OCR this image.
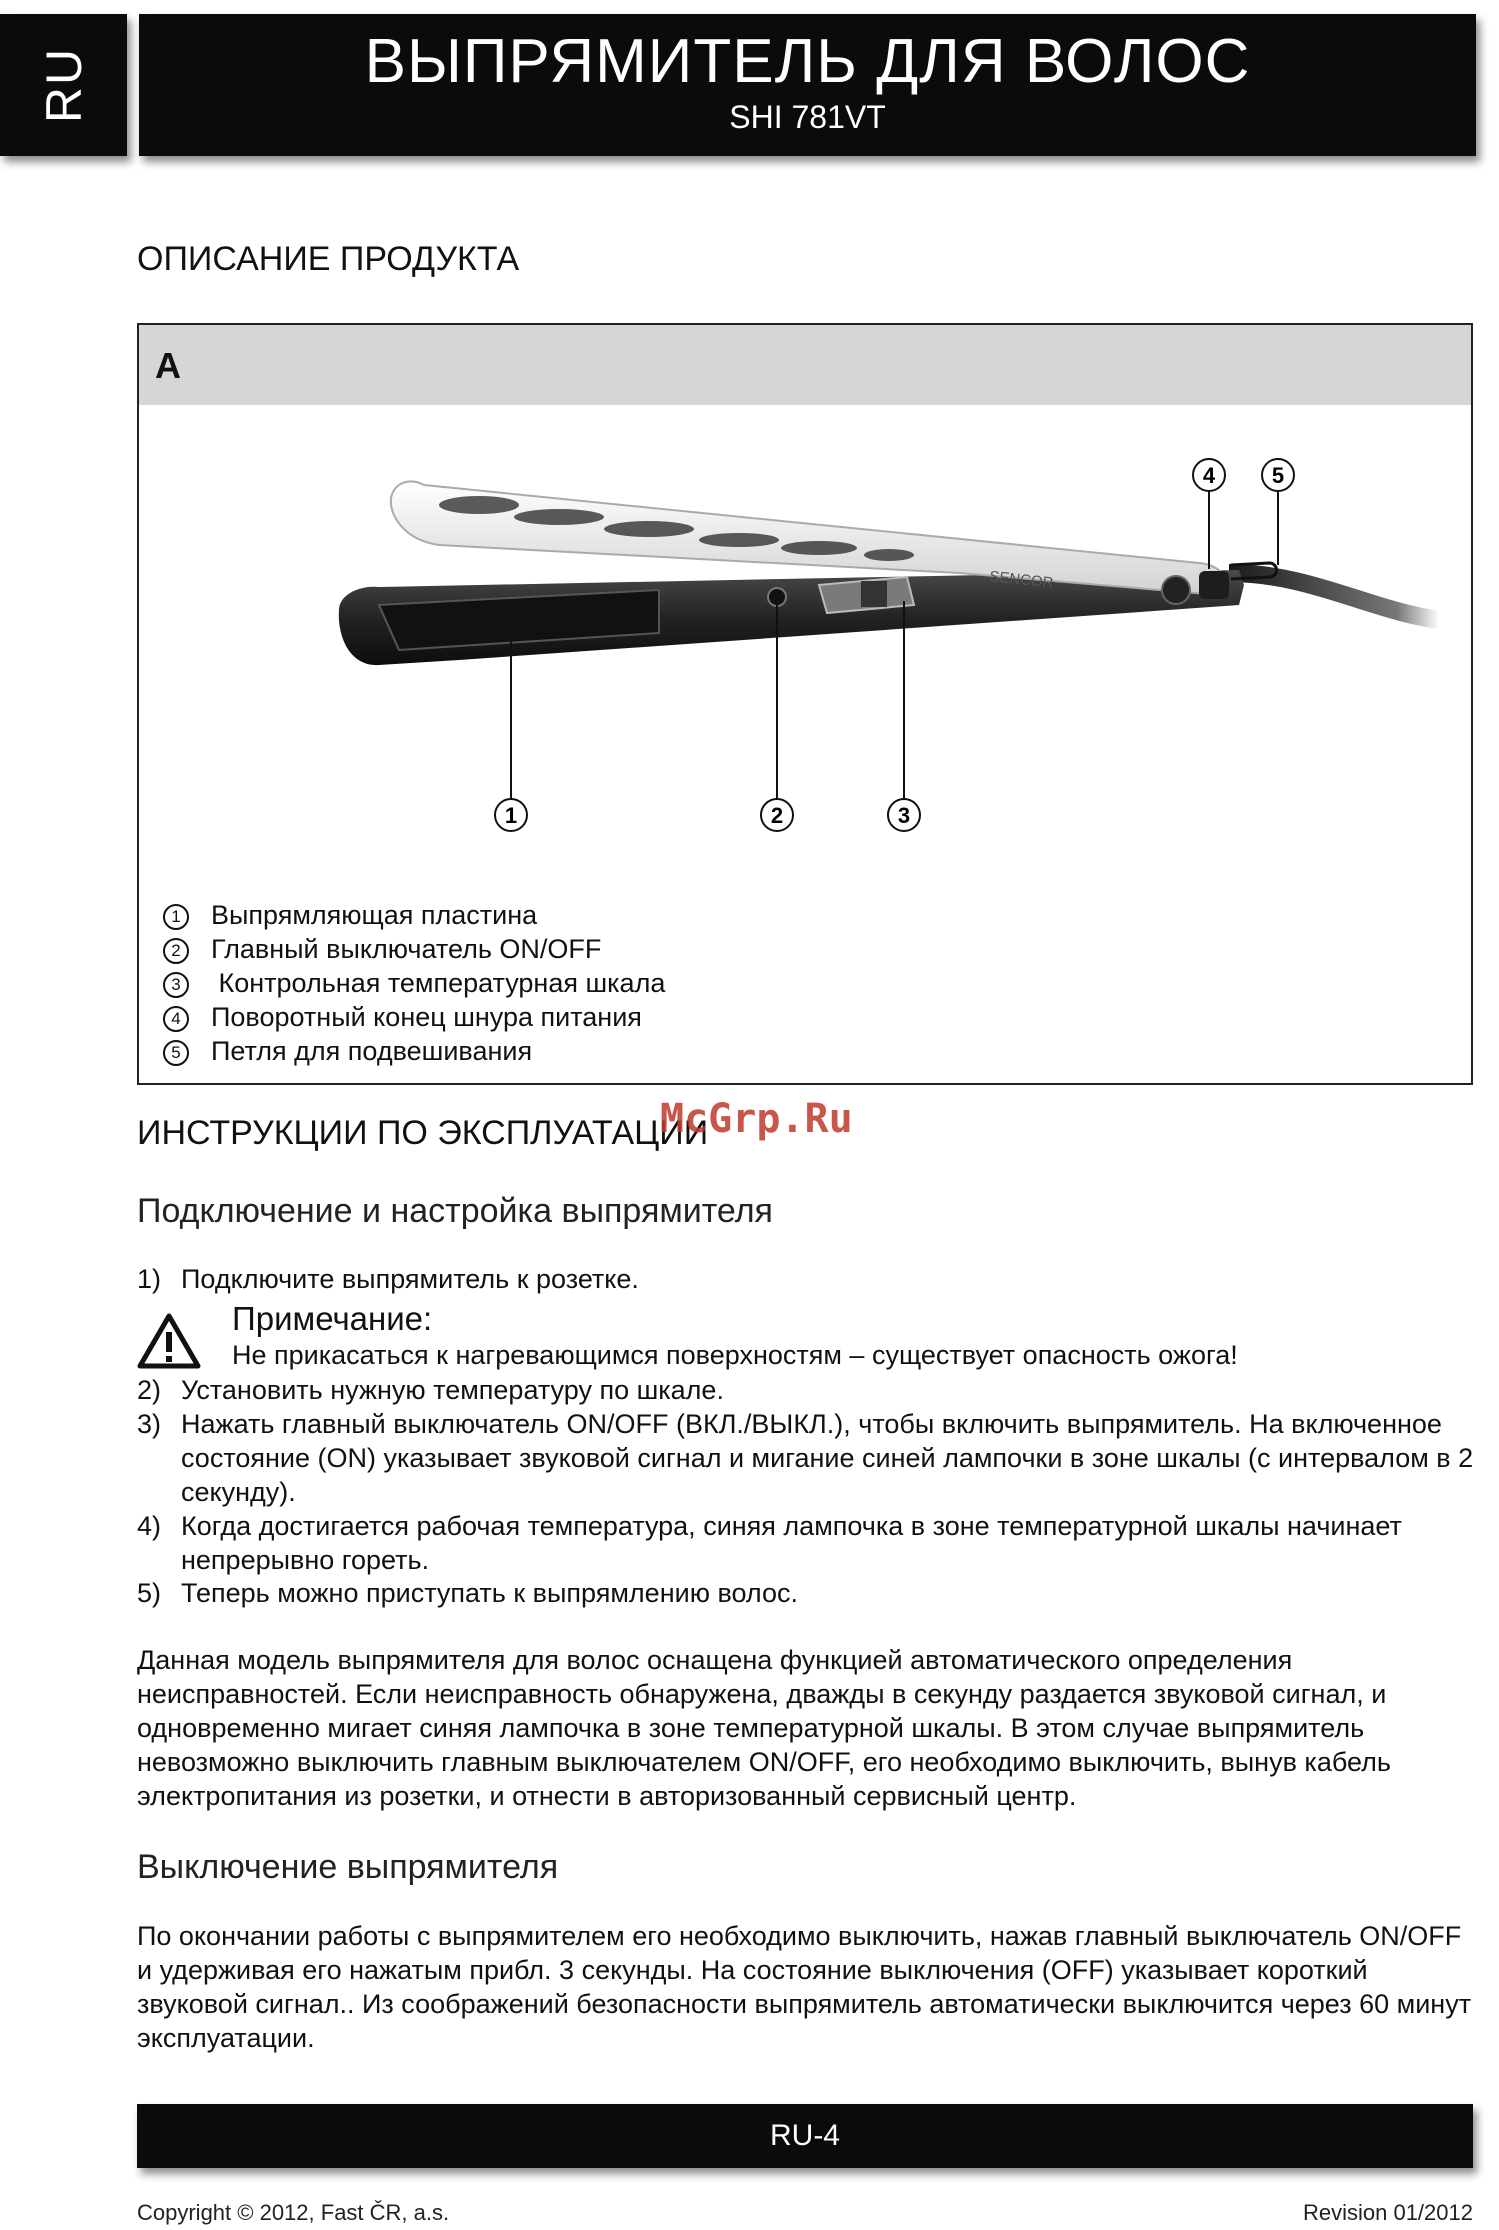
RU	ВЫПРЯМИТЕЛЬ ДЛЯ ВОЛОС
SHI 781VT
ОПИСАНИЕ ПРОДУКТА
A
SENCOR
1	2	3
4	5
1 Выпрямляющая пластина
2 Главный выключатель ON/OFF
3 Контрольная температурная шкала
4 Поворотный конец шнура питания
5 Петля для подвешивания
ИНСТРУКЦИИ ПО ЭКСПЛУАТАЦИИ
McGrp.Ru
Подключение и настройка выпрямителя
1) Подключите выпрямитель к розетке.
Примечание:
Не прикасаться к нагревающимся поверхностям – существует опасность ожога!
2) Установить нужную температуру по шкале.
3) Нажать главный выключатель ON/OFF (ВКЛ./ВЫКЛ.), чтобы включить выпрямитель. На включенное состояние (ON) указывает звуковой сигнал и мигание синей лампочки в зоне шкалы (с интервалом в 2 секунду).
4) Когда достигается рабочая температура, синяя лампочка в зоне температурной шкалы начинает непрерывно гореть.
5) Теперь можно приступать к выпрямлению волос.
Данная модель выпрямителя для волос оснащена функцией автоматического определения неисправностей. Если неисправность обнаружена, дважды в секунду раздается звуковой сигнал, и одновременно мигает синяя лампочка в зоне температурной шкалы. В этом случае выпрямитель невозможно выключить главным выключателем ON/OFF, его необходимо выключить, вынув кабель электропитания из розетки, и отнести в авторизованный сервисный центр.
Выключение выпрямителя
По окончании работы с выпрямителем его необходимо выключить, нажав главный выключатель ON/OFF и удерживая его нажатым прибл. 3 секунды. На состояние выключения (OFF) указывает короткий звуковой сигнал.. Из соображений безопасности выпрямитель автоматически выключится через 60 минут эксплуатации.
RU-4
Copyright © 2012, Fast ČR, a.s.	Revision 01/2012
